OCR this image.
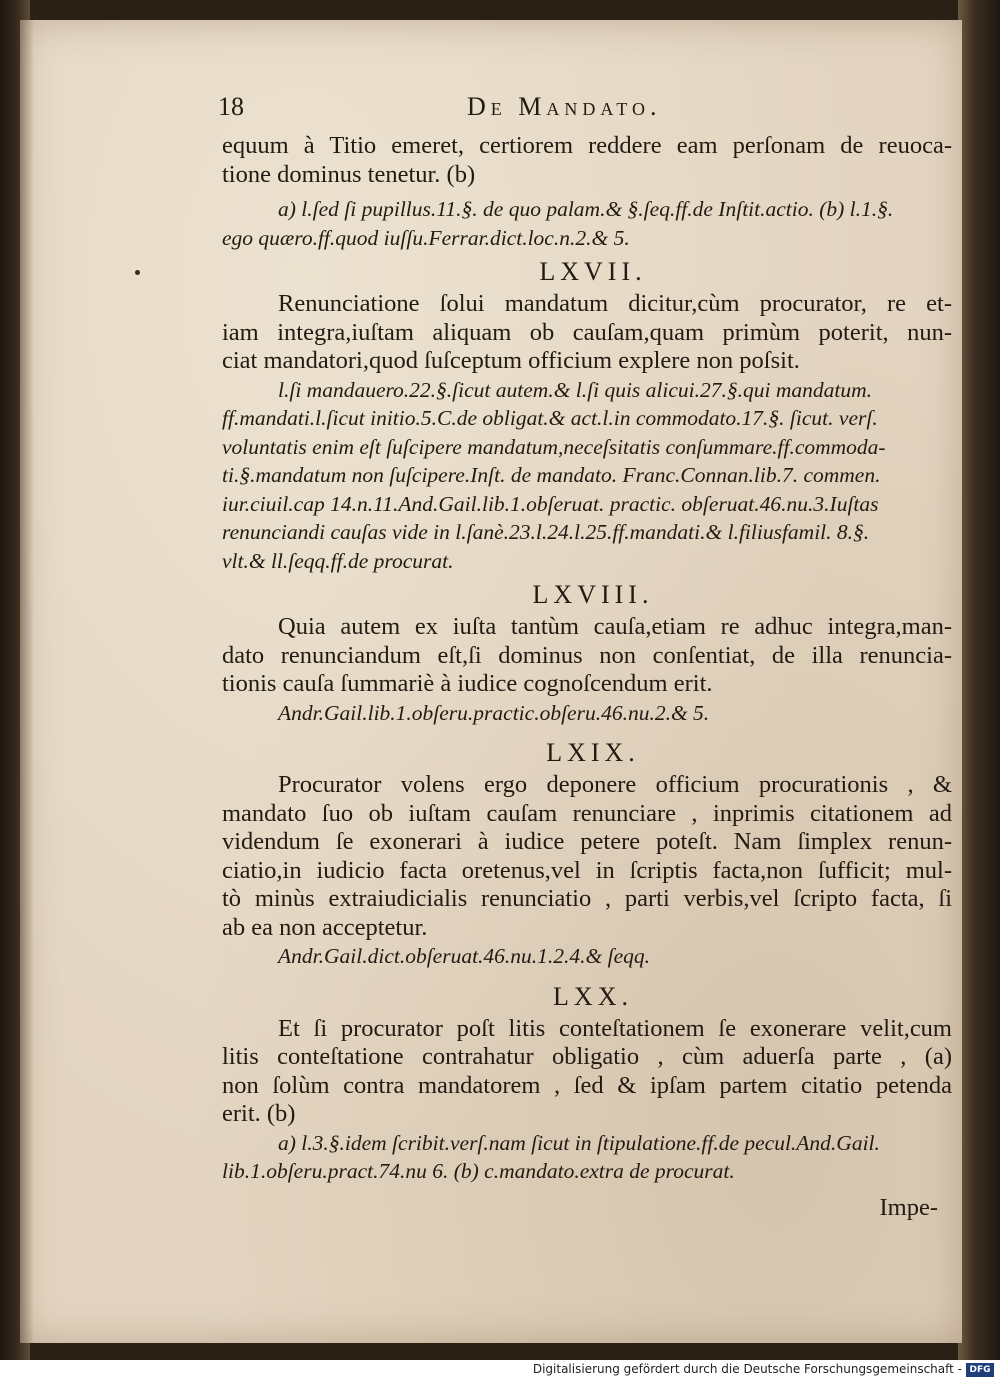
18	De Mandato.
equum à Titio emeret, certiorem reddere eam perſonam de reuoca-
tione dominus tenetur. (b)
a) l.ſed ſi pupillus.11.§. de quo palam.& §.ſeq.ff.de Inſtit.actio. (b) l.1.§.
ego quæro.ff.quod iuſſu.Ferrar.dict.loc.n.2.& 5.
LXVII.
Renunciatione ſolui mandatum dicitur,cùm procurator, re et-
iam integra,iuſtam aliquam ob cauſam,quam primùm poterit, nun-
ciat mandatori,quod ſuſceptum officium explere non poſsit.
l.ſi mandauero.22.§.ſicut autem.& l.ſi quis alicui.27.§.qui mandatum.
ff.mandati.l.ſicut initio.5.C.de obligat.& act.l.in commodato.17.§. ſicut. verſ.
voluntatis enim eſt ſuſcipere mandatum,neceſsitatis conſummare.ff.commoda-
ti.§.mandatum non ſuſcipere.Inſt. de mandato. Franc.Connan.lib.7. commen.
iur.ciuil.cap 14.n.11.And.Gail.lib.1.obſeruat. practic. obſeruat.46.nu.3.Iuſtas
renunciandi cauſas vide in l.ſanè.23.l.24.l.25.ff.mandati.& l.filiusfamil. 8.§.
vlt.& ll.ſeqq.ff.de procurat.
LXVIII.
Quia autem ex iuſta tantùm cauſa,etiam re adhuc integra,man-
dato renunciandum eſt,ſi dominus non conſentiat, de illa renuncia-
tionis cauſa ſummariè à iudice cognoſcendum erit.
Andr.Gail.lib.1.obſeru.practic.obſeru.46.nu.2.& 5.
LXIX.
Procurator volens ergo deponere officium procurationis , &
mandato ſuo ob iuſtam cauſam renunciare , inprimis citationem ad
videndum ſe exonerari à iudice petere poteſt. Nam ſimplex renun-
ciatio,in iudicio facta oretenus,vel in ſcriptis facta,non ſufficit; mul-
tò minùs extraiudicialis renunciatio , parti verbis,vel ſcripto facta, ſi
ab ea non acceptetur.
Andr.Gail.dict.obſeruat.46.nu.1.2.4.& ſeqq.
LXX.
Et ſi procurator poſt litis conteſtationem ſe exonerare velit,cum
litis conteſtatione contrahatur obligatio , cùm aduerſa parte , (a)
non ſolùm contra mandatorem , ſed & ipſam partem citatio petenda
erit. (b)
a) l.3.§.idem ſcribit.verſ.nam ſicut in ſtipulatione.ff.de pecul.And.Gail.
lib.1.obſeru.pract.74.nu 6. (b) c.mandato.extra de procurat.
Impe-
Digitalisierung gefördert durch die Deutsche Forschungsgemeinschaft - DFG
